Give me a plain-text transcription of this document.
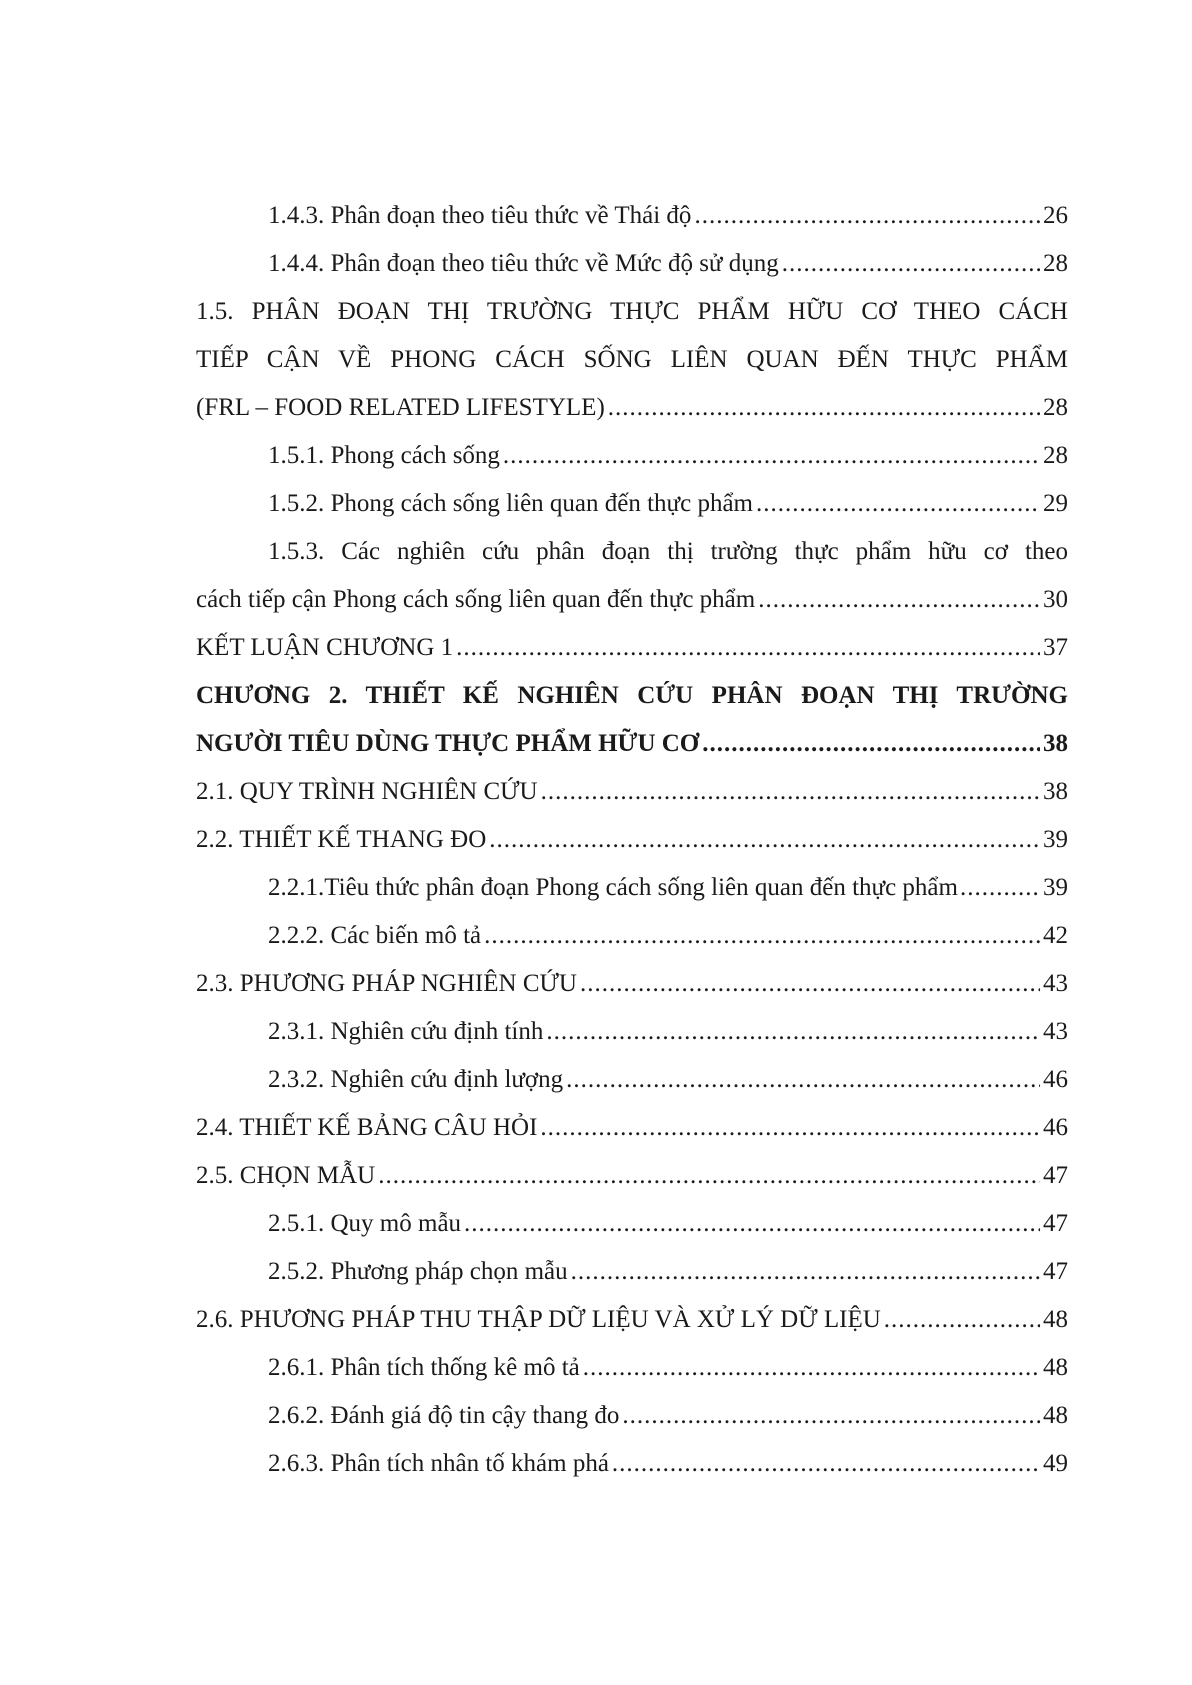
1.4.3. Phân đoạn theo tiêu thức về Thái độ .....	26
1.4.4. Phân đoạn theo tiêu thức về Mức độ sử dụng .....	28
1.5. PHÂN ĐOẠN THỊ TRƯỜNG THỰC PHẨM HỮU CƠ THEO CÁCH
TIẾP CẬN VỀ PHONG CÁCH SỐNG LIÊN QUAN ĐẾN THỰC PHẨM
(FRL – FOOD RELATED LIFESTYLE) .....	28
1.5.1. Phong cách sống .....	28
1.5.2. Phong cách sống liên quan đến thực phẩm .....	29
1.5.3. Các nghiên cứu phân đoạn thị trường thực phẩm hữu cơ theo
cách tiếp cận Phong cách sống liên quan đến thực phẩm .....	30
KẾT LUẬN CHƯƠNG 1 .....	37
CHƯƠNG 2. THIẾT KẾ NGHIÊN CỨU PHÂN ĐOẠN THỊ TRƯỜNG
NGƯỜI TIÊU DÙNG THỰC PHẨM HỮU CƠ .....	38
2.1. QUY TRÌNH NGHIÊN CỨU .....	38
2.2. THIẾT KẾ THANG ĐO .....	39
2.2.1.Tiêu thức phân đoạn Phong cách sống liên quan đến thực phẩm .....	39
2.2.2. Các biến mô tả .....	42
2.3. PHƯƠNG PHÁP NGHIÊN CỨU .....	43
2.3.1. Nghiên cứu định tính .....	43
2.3.2. Nghiên cứu định lượng .....	46
2.4. THIẾT KẾ BẢNG CÂU HỎI .....	46
2.5. CHỌN MẪU .....	47
2.5.1. Quy mô mẫu .....	47
2.5.2. Phương pháp chọn mẫu .....	47
2.6. PHƯƠNG PHÁP THU THẬP DỮ LIỆU VÀ XỬ LÝ DỮ LIỆU .....	48
2.6.1. Phân tích thống kê mô tả .....	48
2.6.2. Đánh giá độ tin cậy thang đo .....	48
2.6.3. Phân tích nhân tố khám phá .....	49
